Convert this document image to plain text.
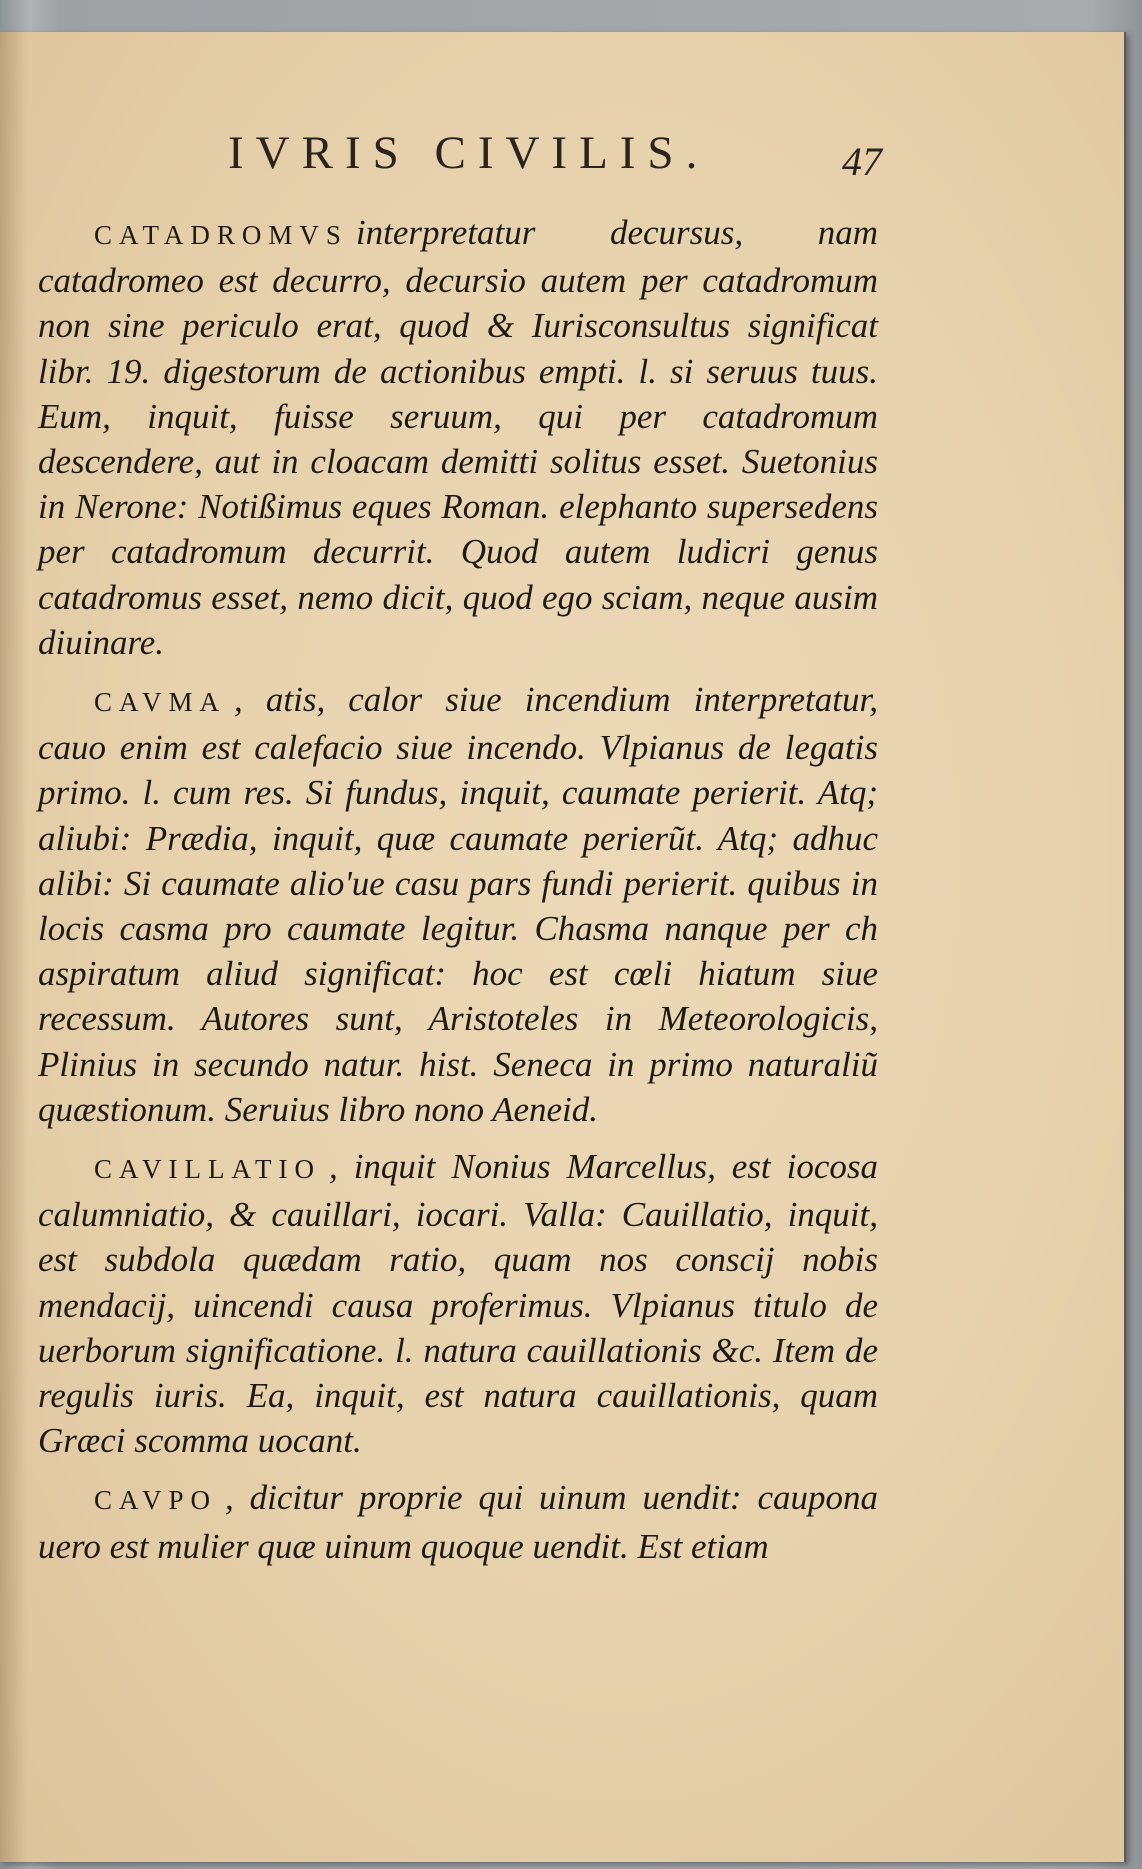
IVRIS CIVILIS.	47

CATADROMVS interpretatur decursus, nam catadromeo est decurro, decursio autem per catadromum non sine periculo erat, quod & Iurisconsultus significat libr. 19. digestorum de actionibus empti. l. si seruus tuus. Eum, inquit, fuisse seruum, qui per catadromum descendere, aut in cloacam demitti solitus esset. Suetonius in Nerone: Notißimus eques Roman. elephanto supersedens per catadromum decurrit. Quod autem ludicri genus catadromus esset, nemo dicit, quod ego sciam, neque ausim diuinare.

CAVMA , atis, calor siue incendium interpretatur, cauo enim est calefacio siue incendo. Vlpianus de legatis primo. l. cum res. Si fundus, inquit, caumate perierit. Atq; aliubi: Prædia, inquit, quæ caumate perierũt. Atq; adhuc alibi: Si caumate alio'ue casu pars fundi perierit. quibus in locis casma pro caumate legitur. Chasma nanque per ch aspiratum aliud significat: hoc est cœli hiatum siue recessum. Autores sunt, Aristoteles in Meteorologicis, Plinius in secundo natur. hist. Seneca in primo naturaliũ quæstionum. Seruius libro nono Aeneid.

CAVILLATIO , inquit Nonius Marcellus, est iocosa calumniatio, & cauillari, iocari. Valla: Cauillatio, inquit, est subdola quædam ratio, quam nos conscij nobis mendacij, uincendi causa proferimus. Vlpianus titulo de uerborum significatione. l. natura cauillationis &c. Item de regulis iuris. Ea, inquit, est natura cauillationis, quam Græci scomma uocant.

CAVPO , dicitur proprie qui uinum uendit: caupona uero est mulier quæ uinum quoque uendit. Est etiam
